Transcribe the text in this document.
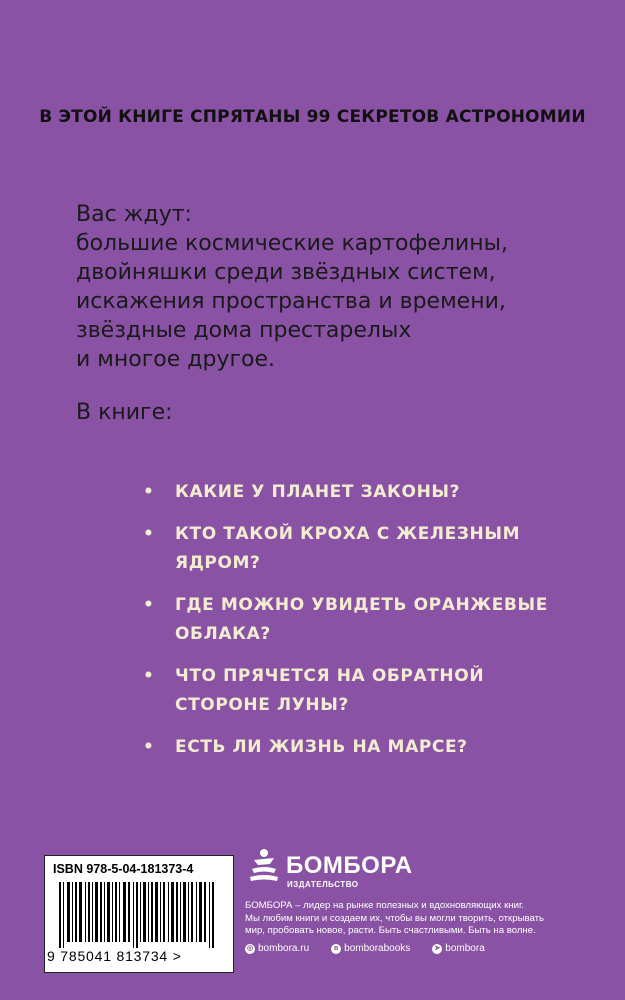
В ЭТОЙ КНИГЕ СПРЯТАНЫ 99 СЕКРЕТОВ АСТРОНОМИИ
Вас ждут:
большие космические картофелины,
двойняшки среди звёздных систем,
искажения пространства и времени,
звёздные дома престарелых
и многое другое.
В книге:
• КАКИЕ У ПЛАНЕТ ЗАКОНЫ?
• КТО ТАКОЙ КРОХА С ЖЕЛЕЗНЫМ
ЯДРОМ?
• ГДЕ МОЖНО УВИДЕТЬ ОРАНЖЕВЫЕ
ОБЛАКА?
• ЧТО ПРЯЧЕТСЯ НА ОБРАТНОЙ
СТОРОНЕ ЛУНЫ?
• ЕСТЬ ЛИ ЖИЗНЬ НА МАРСЕ?
ISBN 978-5-04-181373-4
9 785041 813734 >
БОМБОРА
ИЗДАТЕЛЬСТВО
БОМБОРА – лидер на рынке полезных и вдохновляющих книг.
Мы любим книги и создаем их, чтобы вы могли творить, открывать
мир, пробовать новое, расти. Быть счастливыми. Быть на волне.
◎ bombora.ru	в bomborabooks	➤ bombora
